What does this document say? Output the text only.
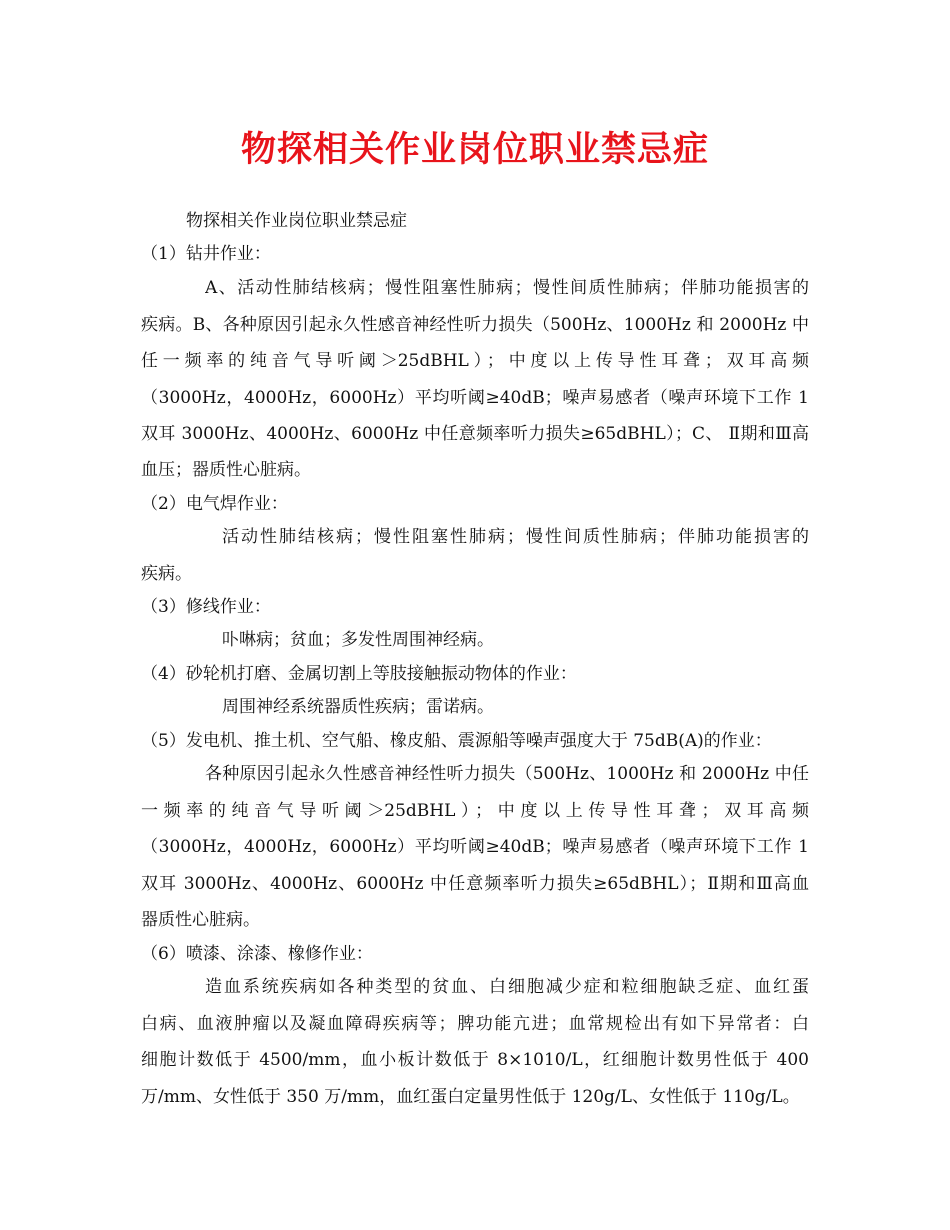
物探相关作业岗位职业禁忌症
物探相关作业岗位职业禁忌症
（1）钻井作业：
A、活动性肺结核病；慢性阻塞性肺病；慢性间质性肺病；伴肺功能损害的
疾病。B、各种原因引起永久性感音神经性听力损失（500Hz、1000Hz 和 2000Hz 中
任一频率的纯音气导听阈＞25dBHL）；中度以上传导性耳聋；双耳高频
（3000Hz，4000Hz，6000Hz）平均听阈≥40dB；噪声易感者（噪声环境下工作 1
双耳 3000Hz、4000Hz、6000Hz 中任意频率听力损失≥65dBHL）；C、 Ⅱ期和Ⅲ高
血压；器质性心脏病。
（2）电气焊作业：
活动性肺结核病；慢性阻塞性肺病；慢性间质性肺病；伴肺功能损害的
疾病。
（3）修线作业：
卟啉病；贫血；多发性周围神经病。
（4）砂轮机打磨、金属切割上等肢接触振动物体的作业：
周围神经系统器质性疾病；雷诺病。
（5）发电机、推土机、空气船、橡皮船、震源船等噪声强度大于 75dB(A)的作业：
各种原因引起永久性感音神经性听力损失（500Hz、1000Hz 和 2000Hz 中任
一频率的纯音气导听阈＞25dBHL）；中度以上传导性耳聋；双耳高频
（3000Hz，4000Hz，6000Hz）平均听阈≥40dB；噪声易感者（噪声环境下工作 1
双耳 3000Hz、4000Hz、6000Hz 中任意频率听力损失≥65dBHL）；Ⅱ期和Ⅲ高血
器质性心脏病。
（6）喷漆、涂漆、橡修作业：
造血系统疾病如各种类型的贫血、白细胞减少症和粒细胞缺乏症、血红蛋
白病、血液肿瘤以及凝血障碍疾病等；脾功能亢进；血常规检出有如下异常者：白
细胞计数低于 4500/mm，血小板计数低于 8×1010/L，红细胞计数男性低于 400
万/mm、女性低于 350 万/mm，血红蛋白定量男性低于 120g/L、女性低于 110g/L。
